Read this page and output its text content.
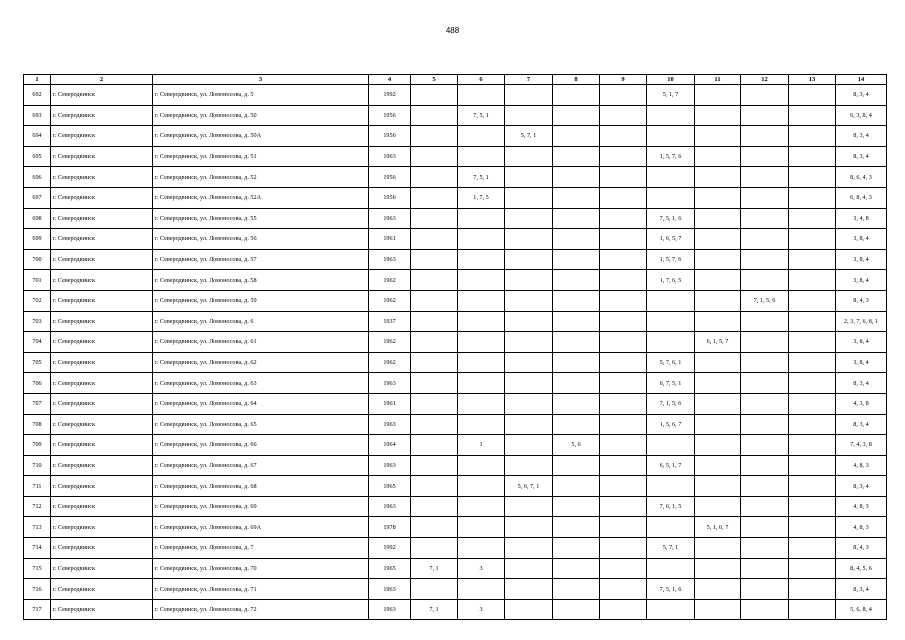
488
1	2	3	4	5	6	7	8	9	10	11	12	13	14
692	г. Северодвинск	г. Северодвинск, ул. Ломоносова, д. 5	1992						5, 1, 7				8, 3, 4
693	г. Северодвинск	г. Северодвинск, ул. Ломоносова, д. 50	1956		7, 5, 1								6, 3, 8, 4
694	г. Северодвинск	г. Северодвинск, ул. Ломоносова, д. 50А	1956			5, 7, 1							8, 3, 4
695	г. Северодвинск	г. Северодвинск, ул. Ломоносова, д. 51	1963						1, 5, 7, 6				8, 3, 4
696	г. Северодвинск	г. Северодвинск, ул. Ломоносова, д. 52	1956		7, 5, 1								8, 6, 4, 3
697	г. Северодвинск	г. Северодвинск, ул. Ломоносова, д. 52А	1956		1, 7, 5								6, 8, 4, 3
698	г. Северодвинск	г. Северодвинск, ул. Ломоносова, д. 55	1963						7, 5, 1, 6				3, 4, 8
699	г. Северодвинск	г. Северодвинск, ул. Ломоносова, д. 56	1961						1, 6, 5, 7				3, 8, 4
700	г. Северодвинск	г. Северодвинск, ул. Ломоносова, д. 57	1963						1, 5, 7, 6				3, 8, 4
701	г. Северодвинск	г. Северодвинск, ул. Ломоносова, д. 58	1962						1, 7, 6, 5				3, 8, 4
702	г. Северодвинск	г. Северодвинск, ул. Ломоносова, д. 59	1962								7, 1, 5, 6		8, 4, 3
703	г. Северодвинск	г. Северодвинск, ул. Ломоносова, д. 6	1937										2, 3, 7, 6, 8, 1
704	г. Северодвинск	г. Северодвинск, ул. Ломоносова, д. 61	1962							6, 1, 5, 7			3, 8, 4
705	г. Северодвинск	г. Северодвинск, ул. Ломоносова, д. 62	1962						5, 7, 6, 1				3, 8, 4
706	г. Северодвинск	г. Северодвинск, ул. Ломоносова, д. 63	1963						6, 7, 5, 1				8, 3, 4
707	г. Северодвинск	г. Северодвинск, ул. Ломоносова, д. 64	1961						7, 1, 5, 6				4, 3, 8
708	г. Северодвинск	г. Северодвинск, ул. Ломоносова, д. 65	1963						1, 5, 6, 7				8, 3, 4
709	г. Северодвинск	г. Северодвинск, ул. Ломоносова, д. 66	1964		1		5, 6						7, 4, 3, 8
710	г. Северодвинск	г. Северодвинск, ул. Ломоносова, д. 67	1963						6, 5, 1, 7				4, 8, 3
711	г. Северодвинск	г. Северодвинск, ул. Ломоносова, д. 68	1965			5, 6, 7, 1							8, 3, 4
712	г. Северодвинск	г. Северодвинск, ул. Ломоносова, д. 69	1963						7, 6, 1, 5				4, 8, 3
713	г. Северодвинск	г. Северодвинск, ул. Ломоносова, д. 69А	1978							5, 1, 6, 7			4, 8, 3
714	г. Северодвинск	г. Северодвинск, ул. Ломоносова, д. 7	1992						5, 7, 1				8, 4, 3
715	г. Северодвинск	г. Северодвинск, ул. Ломоносова, д. 70	1965	7, 1	3								8, 4, 5, 6
716	г. Северодвинск	г. Северодвинск, ул. Ломоносова, д. 71	1963						7, 5, 1, 6				8, 3, 4
717	г. Северодвинск	г. Северодвинск, ул. Ломоносова, д. 72	1963	7, 1	3								5, 6, 8, 4
